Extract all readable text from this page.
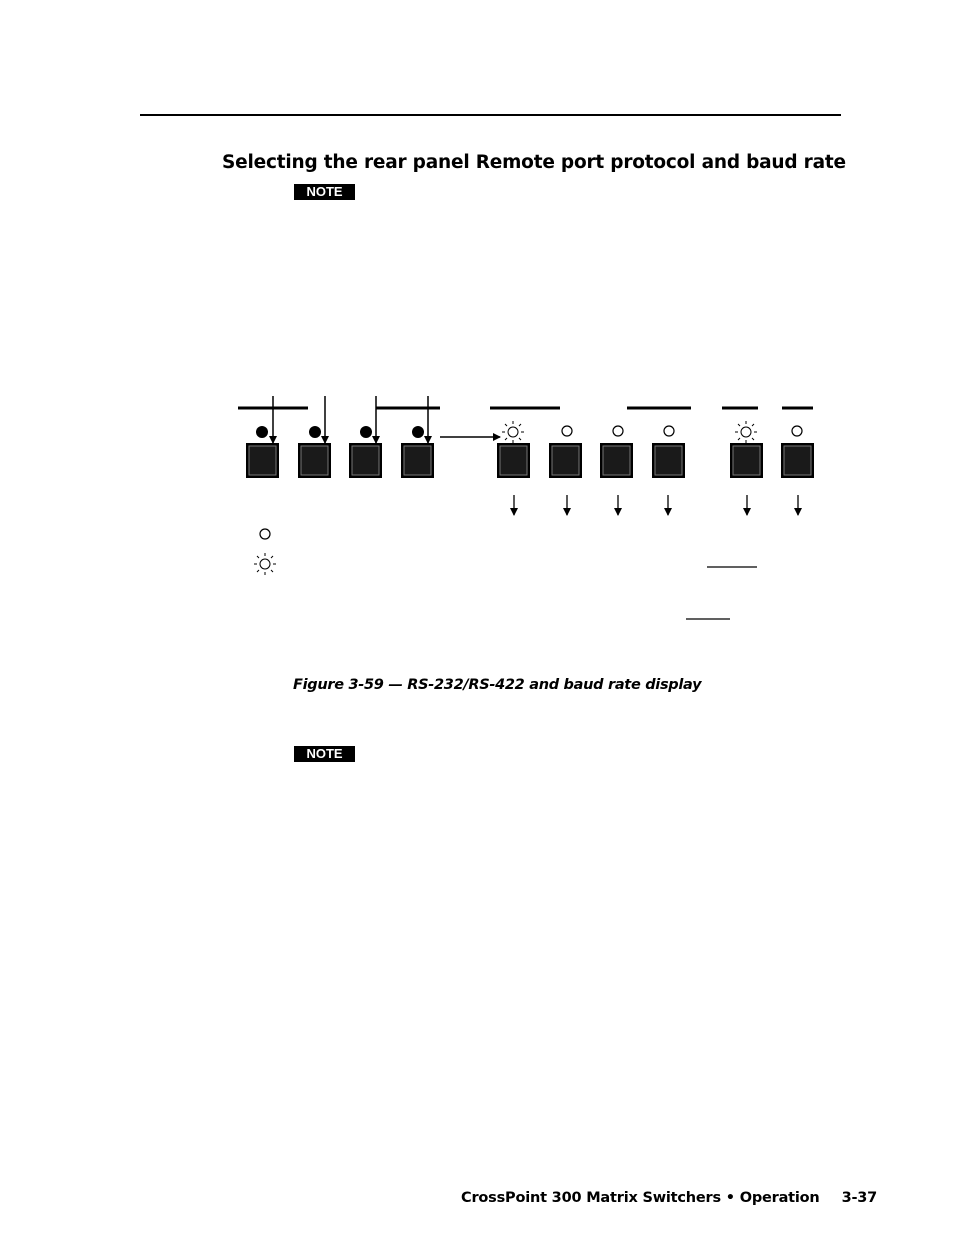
Selecting the rear panel Remote port protocol and baud rate
NOTE
Figure 3-59 — RS-232/RS-422 and baud rate display
NOTE
CrossPoint 300 Matrix Switchers • Operation 3-37
